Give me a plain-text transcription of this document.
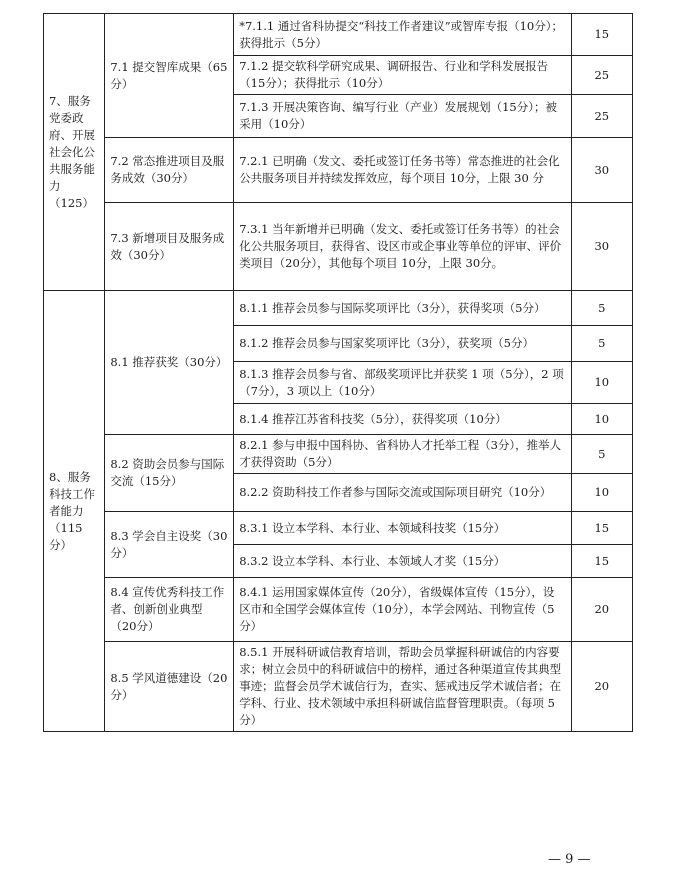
7、服务党委政府、开展社会化公共服务能力（125）	7.1 提交智库成果（65分）	*7.1.1 通过省科协提交“科技工作者建议”或智库专报（10分）；获得批示（5分）	15
		7.1.2 提交软科学研究成果、调研报告、行业和学科发展报告（15分）；获得批示（10分）	25
		7.1.3 开展决策咨询、编写行业（产业）发展规划（15分）；被采用（10分）	25
	7.2 常态推进项目及服务成效（30分）	7.2.1 已明确（发文、委托或签订任务书等）常态推进的社会化公共服务项目并持续发挥效应，每个项目 10分，上限 30 分	30
	7.3 新增项目及服务成效（30分）	7.3.1 当年新增并已明确（发文、委托或签订任务书等）的社会化公共服务项目，获得省、设区市或企事业等单位的评审、评价类项目（20分），其他每个项目 10分，上限 30分。	30
8、服务科技工作者能力（115分）	8.1 推荐获奖（30分）	8.1.1 推荐会员参与国际奖项评比（3分），获得奖项（5分）	5
		8.1.2 推荐会员参与国家奖项评比（3分），获奖项（5分）	5
		8.1.3 推荐会员参与省、部级奖项评比并获奖 1 项（5分），2 项（7分），3 项以上（10分）	10
		8.1.4 推荐江苏省科技奖（5分），获得奖项（10分）	10
	8.2 资助会员参与国际交流（15分）	8.2.1 参与申报中国科协、省科协人才托举工程（3分），推举人才获得资助（5分）	5
		8.2.2 资助科技工作者参与国际交流或国际项目研究（10分）	10
	8.3 学会自主设奖（30分）	8.3.1 设立本学科、本行业、本领域科技奖（15分）	15
		8.3.2 设立本学科、本行业、本领域人才奖（15分）	15
	8.4 宣传优秀科技工作者、创新创业典型（20分）	8.4.1 运用国家媒体宣传（20分），省级媒体宣传（15分），设区市和全国学会媒体宣传（10分），本学会网站、刊物宣传（5分）	20
	8.5 学风道德建设（20分）	8.5.1 开展科研诚信教育培训，帮助会员掌握科研诚信的内容要求；树立会员中的科研诚信中的榜样，通过各种渠道宣传其典型事迹；监督会员学术诚信行为，查实、惩戒违反学术诚信者；在学科、行业、技术领域中承担科研诚信监督管理职责。（每项 5分）	20
— 9 —
